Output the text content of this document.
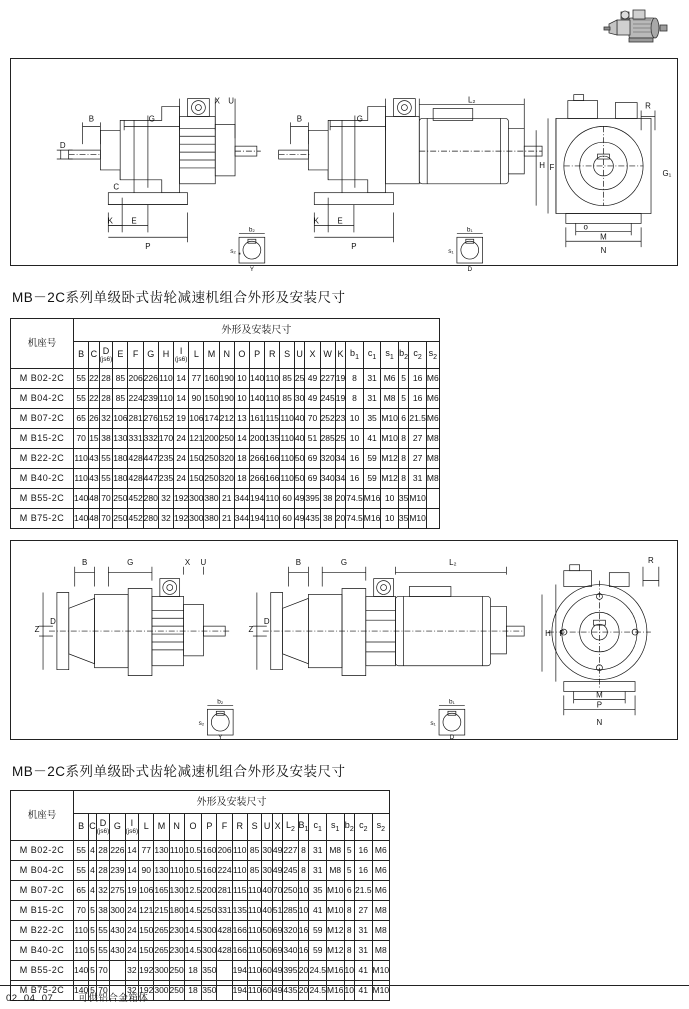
B	G
X U
D
C
K E
P
b₂
s₂
Y
B	G
L₂
K E
P
b₁
s₁
D
R
G₁
H F
o
M
N
MB－2C系列单级卧式齿轮减速机组合外形及安装尺寸
机座号	外形及安装尺寸																								
	B	C	D
(js6)	E	F	G	H	I
(js6)	L	M	N	O	P	R	S	U	X	W	K	$b_1$	$c_1$	$s_1$	$b_2$	$c_2$	$s_2$
M B02-2C	55	22	28	85	206	226	110	14	77	160	190	10	140	110	85	25	49	227	19	8	31	M6	5	16	M6
M B04-2C	55	22	28	85	224	239	110	14	90	150	190	10	140	110	85	30	49	245	19	8	31	M8	5	16	M6
M B07-2C	65	26	32	106	281	276	152	19	106	174	212	13	161	115	110	40	70	252	23	10	35	M10	6	21.5	M6
M B15-2C	70	15	38	130	331	332	170	24	121	200	250	14	200	135	110	40	51	285	25	10	41	M10	8	27	M8
M B22-2C	110	43	55	180	428	447	235	24	150	250	320	18	266	166	110	50	69	320	34	16	59	M12	8	27	M8
M B40-2C	110	43	55	180	428	447	235	24	150	250	320	18	266	166	110	50	69	340	34	16	59	M12	8	31	M8
M B55-2C	140	48	70	250	452	280	32	192	300	380	21	344	194	110	60	49	395	38	20	74.5	M16	10	35	M10	
M B75-2C	140	48	70	250	452	280	32	192	300	380	21	344	194	110	60	49	435	38	20	74.5	M16	10	35	M10	
B	G	X U
Z
D
b₂
s₂
Y
B	G	L₂
Z
D
b₁
s₁
D
R
H F
P
M
N
MB－2C系列单级卧式齿轮减速机组合外形及安装尺寸
机座号	外形及安装尺寸																					
	B	C	D
(js6)	G	I
(js6)	L	M	N	O	P	F	R	S	U	X	$L_2$	$B_1$	$c_1$	$s_1$	$b_2$	$c_2$	$s_2$
M B02-2C	55	4	28	226	14	77	130	110	10.5	160	206	110	85	30	49	227	8	31	M8	5	16	M6
M B04-2C	55	4	28	239	14	90	130	110	10.5	160	224	110	85	30	49	245	8	31	M8	5	16	M6
M B07-2C	65	4	32	275	19	106	165	130	12.5	200	281	115	110	40	70	250	10	35	M10	6	21.5	M6
M B15-2C	70	5	38	300	24	121	215	180	14.5	250	331	135	110	40	51	285	10	41	M10	8	27	M8
M B22-2C	110	5	55	430	24	150	265	230	14.5	300	428	166	110	50	69	320	16	59	M12	8	31	M8
M B40-2C	110	5	55	430	24	150	265	230	14.5	300	428	166	110	50	69	340	16	59	M12	8	31	M8
M B55-2C	140	5	70		32	192	300	250	18	350		194	110	60	49	395	20	24.5	M16	10	41	M10
M B75-2C	140	5	70		32	192	300	250	18	350		194	110	60	49	435	20	24.5	M16	10	41	M10
02. 04. 07	可供铝合金箱体
